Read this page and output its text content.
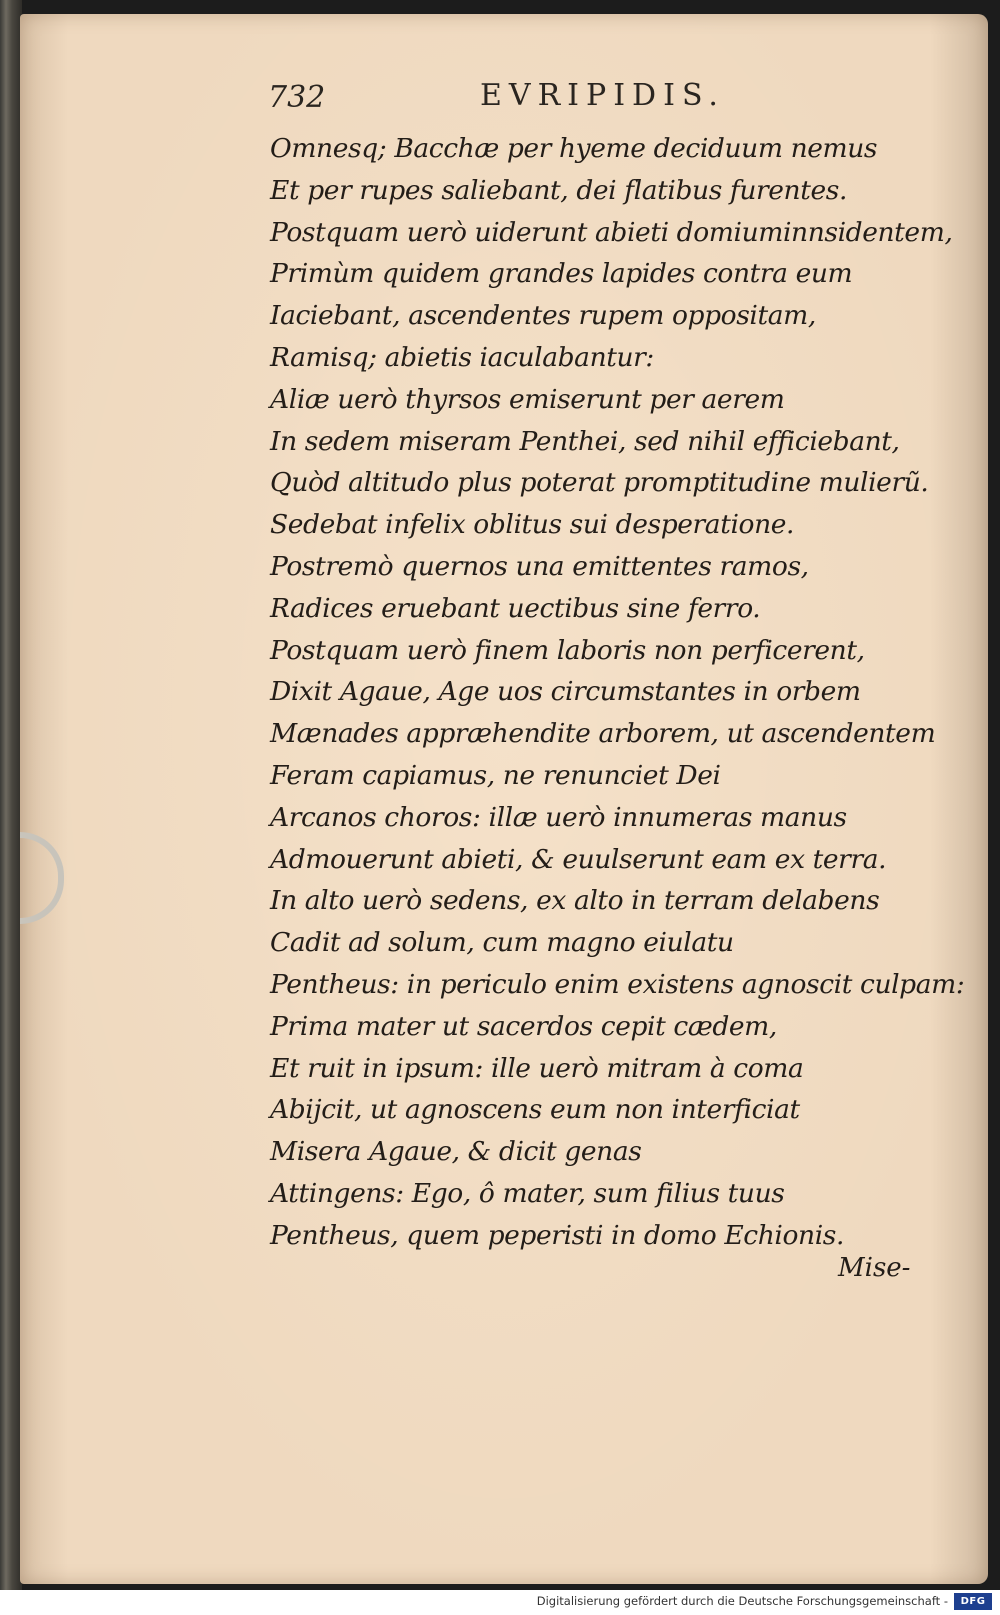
732	EVRIPIDIS.
Omnesq; Bacchæ per hyeme deciduum nemus
Et per rupes saliebant, dei flatibus furentes.
Postquam uerò uiderunt abieti domiuminnsidentem,
Primùm quidem grandes lapides contra eum
Iaciebant, ascendentes rupem oppositam,
Ramisq; abietis iaculabantur:
Aliæ uerò thyrsos emiserunt per aerem
In sedem miseram Penthei, sed nihil efficiebant,
Quòd altitudo plus poterat promptitudine mulierũ.
Sedebat infelix oblitus sui desperatione.
Postremò quernos una emittentes ramos,
Radices eruebant uectibus sine ferro.
Postquam uerò finem laboris non perficerent,
Dixit Agaue, Age uos circumstantes in orbem
Mænades appræhendite arborem, ut ascendentem
Feram capiamus, ne renunciet Dei
Arcanos choros: illæ uerò innumeras manus
Admouerunt abieti, & euulserunt eam ex terra.
In alto uerò sedens, ex alto in terram delabens
Cadit ad solum, cum magno eiulatu
Pentheus: in periculo enim existens agnoscit culpam:
Prima mater ut sacerdos cepit cædem,
Et ruit in ipsum: ille uerò mitram à coma
Abijcit, ut agnoscens eum non interficiat
Misera Agaue, & dicit genas
Attingens: Ego, ô mater, sum filius tuus
Pentheus, quem peperisti in domo Echionis.
Mise-
Digitalisierung gefördert durch die Deutsche Forschungsgemeinschaft -	DFG
